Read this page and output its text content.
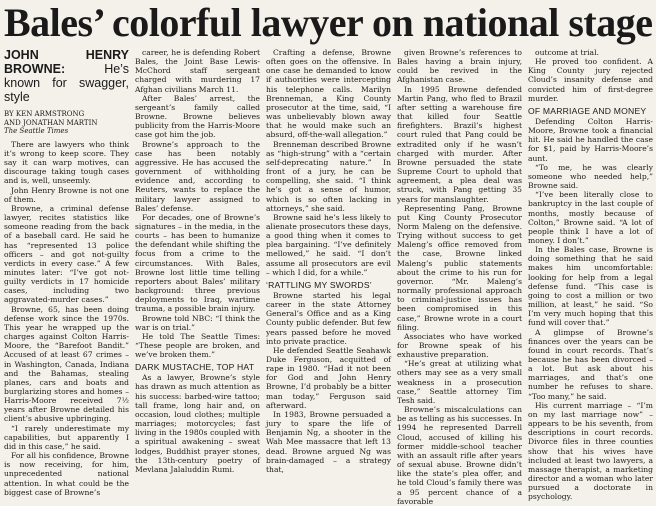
Bales’ colorful lawyer on national stage
JOHN HENRY BROWNE: He’s known for swagger, style
BY KEN ARMSTRONG
AND JONATHAN MARTIN
The Seattle Times

There are lawyers who think it’s wrong to keep score. They say it can warp motives, can discourage taking tough cases and is, well, unseemly.

John Henry Browne is not one of them.

Browne, a criminal defense lawyer, recites statistics like someone reading from the back of a baseball card. He said he has “represented 13 police officers – and got not-guilty verdicts in every case.” A few minutes later: “I’ve got not-guilty verdicts in 17 homicide cases, including two aggravated-murder cases.”

Browne, 65, has been doing defense work since the 1970s. This year he wrapped up the charges against Colton Harris-Moore, the “Barefoot Bandit.” Accused of at least 67 crimes – in Washington, Canada, Indiana and the Bahamas, stealing planes, cars and boats and burglarizing stores and homes – Harris-Moore received 7½ years after Browne detailed his client’s abusive upbringing.

“I rarely underestimate my capabilities, but apparently I did in this case,” he said.

For all his confidence, Browne is now receiving, for him, unprecedented national attention. In what could be the biggest case of Browne’s

career, he is defending Robert Bales, the Joint Base Lewis-McChord staff sergeant charged with murdering 17 Afghan civilians March 11.

After Bales’ arrest, the sergeant’s family called Browne. Browne believes publicity from the Harris-Moore case got him the job.

Browne’s approach to the case has been notably aggressive. He has accused the government of withholding evidence and, according to Reuters, wants to replace the military lawyer assigned to Bales’ defense.

For decades, one of Browne’s signatures – in the media, in the courts – has been to humanize the defendant while shifting the focus from a crime to the circumstances. With Bales, Browne lost little time telling reporters about Bales’ military background: three previous deployments to Iraq, wartime trauma, a possible brain injury.

Browne told NBC: “I think the war is on trial.”

He told The Seattle Times: “These people are broken, and we’ve broken them.”

DARK MUSTACHE, TOP HAT

As a lawyer, Browne’s style has drawn as much attention as his success: barbed-wire tattoo; tall frame, long hair and, on occasion, loud clothes; multiple marriages; motorcycles; fast living in the 1980s coupled with a spiritual awakening – sweat lodges, Buddhist prayer stones, the 13th-century poetry of Mevlana Jalaluddin Rumi.

Crafting a defense, Browne often goes on the offensive. In one case he demanded to know if authorities were intercepting his telephone calls. Marilyn Brenneman, a King County prosecutor at the time, said, “I was unbelievably blown away that he would make such an absurd, off-the-wall allegation.”

Brenneman described Browne as “high-strung” with a “certain self-deprecating nature.” In front of a jury, he can be compelling, she said. “I think he’s got a sense of humor, which is so often lacking in attorneys,” she said.

Browne said he’s less likely to alienate prosecutors these days, a good thing when it comes to plea bargaining. “I’ve definitely mellowed,” he said. “I don’t assume all prosecutors are evil – which I did, for a while.”

‘RATTLING MY SWORDS’

Browne started his legal career in the state Attorney General’s Office and as a King County public defender. But few years passed before he moved into private practice.

He defended Seattle Seahawk Duke Ferguson, acquitted of rape in 1980. “Had it not been for God and John Henry Browne, I’d probably be a bitter man today,” Ferguson said afterward.

In 1983, Browne persuaded a jury to spare the life of Benjamin Ng, a shooter in the Wah Mee massacre that left 13 dead. Browne argued Ng was brain-damaged – a strategy that,

given Browne’s references to Bales having a brain injury, could be revived in the Afghanistan case.

In 1995 Browne defended Martin Pang, who fled to Brazil after setting a warehouse fire that killed four Seattle firefighters. Brazil’s highest court ruled that Pang could be extradited only if he wasn’t charged with murder. After Browne persuaded the state Supreme Court to uphold that agreement, a plea deal was struck, with Pang getting 35 years for manslaughter.

Representing Pang, Browne put King County Prosecutor Norm Maleng on the defensive. Trying without success to get Maleng’s office removed from the case, Browne linked Maleng’s public statements about the crime to his run for governor. “Mr. Maleng’s normally professional approach to criminal-justice issues has been compromised in this case,” Browne wrote in a court filing.

Associates who have worked for Browne speak of his exhaustive preparation.

“He’s great at utilizing what others may see as a very small weakness in a prosecution case,” Seattle attorney Tim Tesh said.

Browne’s miscalculations can be as telling as his successes. In 1994 he represented Darrell Cloud, accused of killing his former middle-school teacher with an assault rifle after years of sexual abuse. Browne didn’t like the state’s plea offer, and he told Cloud’s family there was a 95 percent chance of a favorable

outcome at trial.

He proved too confident. A King County jury rejected Cloud’s insanity defense and convicted him of first-degree murder.

OF MARRIAGE AND MONEY

Defending Colton Harris-Moore, Browne took a financial hit. He said he handled the case for $1, paid by Harris-Moore’s aunt.

“To me, he was clearly someone who needed help,” Browne said.

“I’ve been literally close to bankruptcy in the last couple of months, mostly because of Colton,” Browne said. “A lot of people think I have a lot of money. I don’t.”

In the Bales case, Browne is doing something that he said makes him uncomfortable: looking for help from a legal defense fund. “This case is going to cost a million or two million, at least,” he said. “So I’m very much hoping that this fund will cover that.”

A glimpse of Browne’s finances over the years can be found in court records. That’s because he has been divorced – a lot. But ask about his marriages, and that’s one number he refuses to share. “Too many,” he said.

His current marriage – “I’m on my last marriage now” – appears to be his seventh, from descriptions in court records. Divorce files in three counties show that his wives have included at least two lawyers, a massage therapist, a marketing director and a woman who later pursued a doctorate in psychology.
